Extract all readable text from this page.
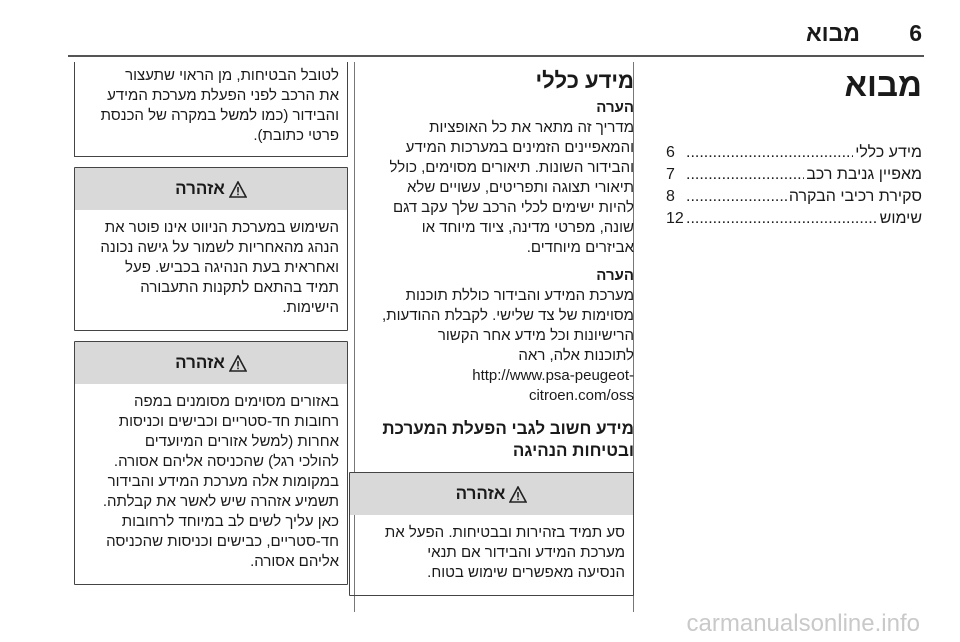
6
מבוא
מבוא
מידע כללי
.....
6
מאפיין גניבת רכב
.....
7
סקירת רכיבי הבקרה
.....
8
שימוש
.....
12
מידע כללי
הערה
מדריך זה מתאר את כל האופציות
והמאפיינים הזמינים במערכות המידע
והבידור השונות. תיאורים מסוימים, כולל
תיאורי תצוגה ותפריטים, עשויים שלא
להיות ישימים לכלי הרכב שלך עקב דגם
שונה, מפרטי מדינה, ציוד מיוחד או
אביזרים מיוחדים.
הערה
מערכת המידע והבידור כוללת תוכנות
מסוימות של צד שלישי. לקבלת ההודעות,
הרישיונות וכל מידע אחר הקשור
לתוכנות אלה, ראה
http://www.psa-peugeot-
citroen.com/oss
מידע חשוב לגבי הפעלת המערכת
ובטיחות הנהיגה
אזהרה
סע תמיד בזהירות ובבטיחות. הפעל את
מערכת המידע והבידור אם תנאי
הנסיעה מאפשרים שימוש בטוח.
לטובל הבטיחות, מן הראוי שתעצור
את הרכב לפני הפעלת מערכת המידע
והבידור (כמו למשל במקרה של הכנסת
פרטי כתובת).
אזהרה
השימוש במערכת הניווט אינו פוטר את
הנהג מהאחריות לשמור על גישה נכונה
ואחראית בעת הנהיגה בכביש. פעל
תמיד בהתאם לתקנות התעבורה
הישימות.
אזהרה
באזורים מסוימים מסומנים במפה
רחובות חד-סטריים וכבישים וכניסות
אחרות (למשל אזורים המיועדים
להולכי רגל) שהכניסה אליהם אסורה.
במקומות אלה מערכת המידע והבידור
תשמיע אזהרה שיש לאשר את קבלתה.
כאן עליך לשים לב במיוחד לרחובות
חד-סטריים, כבישים וכניסות שהכניסה
אליהם אסורה.
carmanualsonline.info
